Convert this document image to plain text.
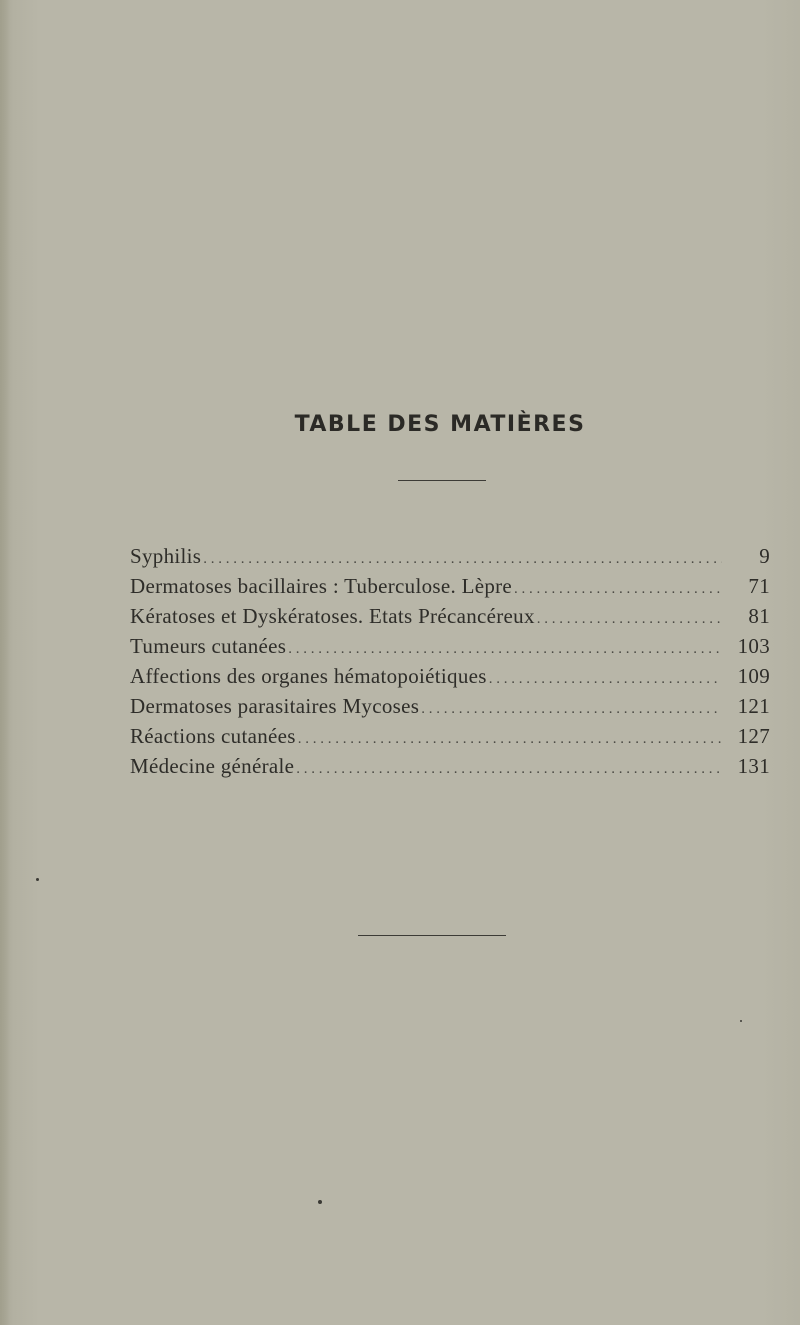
TABLE DES MATIÈRES
Syphilis . . .	9
Dermatoses bacillaires : Tuberculose. Lèpre . . .	71
Kératoses et Dyskératoses. Etats Précancéreux . . .	81
Tumeurs cutanées . . .	103
Affections des organes hématopoiétiques . . .	109
Dermatoses parasitaires Mycoses . . .	121
Réactions cutanées . . .	127
Médecine générale . . .	131
